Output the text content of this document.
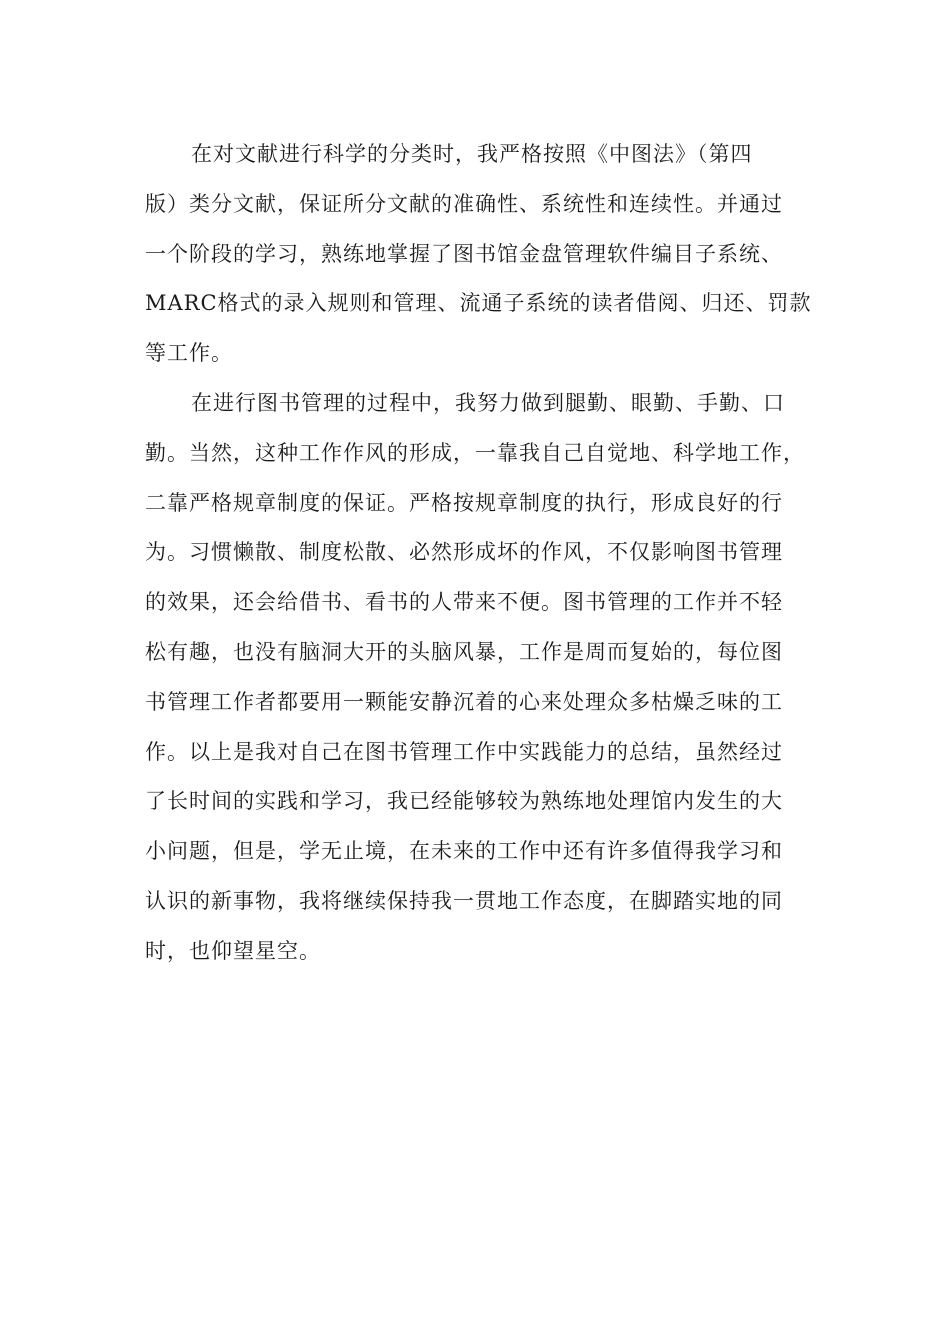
在对文献进行科学的分类时，我严格按照《中图法》（第四
版）类分文献，保证所分文献的准确性、系统性和连续性。并通过
一个阶段的学习，熟练地掌握了图书馆金盘管理软件编目子系统、
MARC格式的录入规则和管理、流通子系统的读者借阅、归还、罚款
等工作。
在进行图书管理的过程中，我努力做到腿勤、眼勤、手勤、口
勤。当然，这种工作作风的形成，一靠我自己自觉地、科学地工作，
二靠严格规章制度的保证。严格按规章制度的执行，形成良好的行
为。习惯懒散、制度松散、必然形成坏的作风，不仅影响图书管理
的效果，还会给借书、看书的人带来不便。图书管理的工作并不轻
松有趣，也没有脑洞大开的头脑风暴，工作是周而复始的，每位图
书管理工作者都要用一颗能安静沉着的心来处理众多枯燥乏味的工
作。以上是我对自己在图书管理工作中实践能力的总结，虽然经过
了长时间的实践和学习，我已经能够较为熟练地处理馆内发生的大
小问题，但是，学无止境，在未来的工作中还有许多值得我学习和
认识的新事物，我将继续保持我一贯地工作态度，在脚踏实地的同
时，也仰望星空。
